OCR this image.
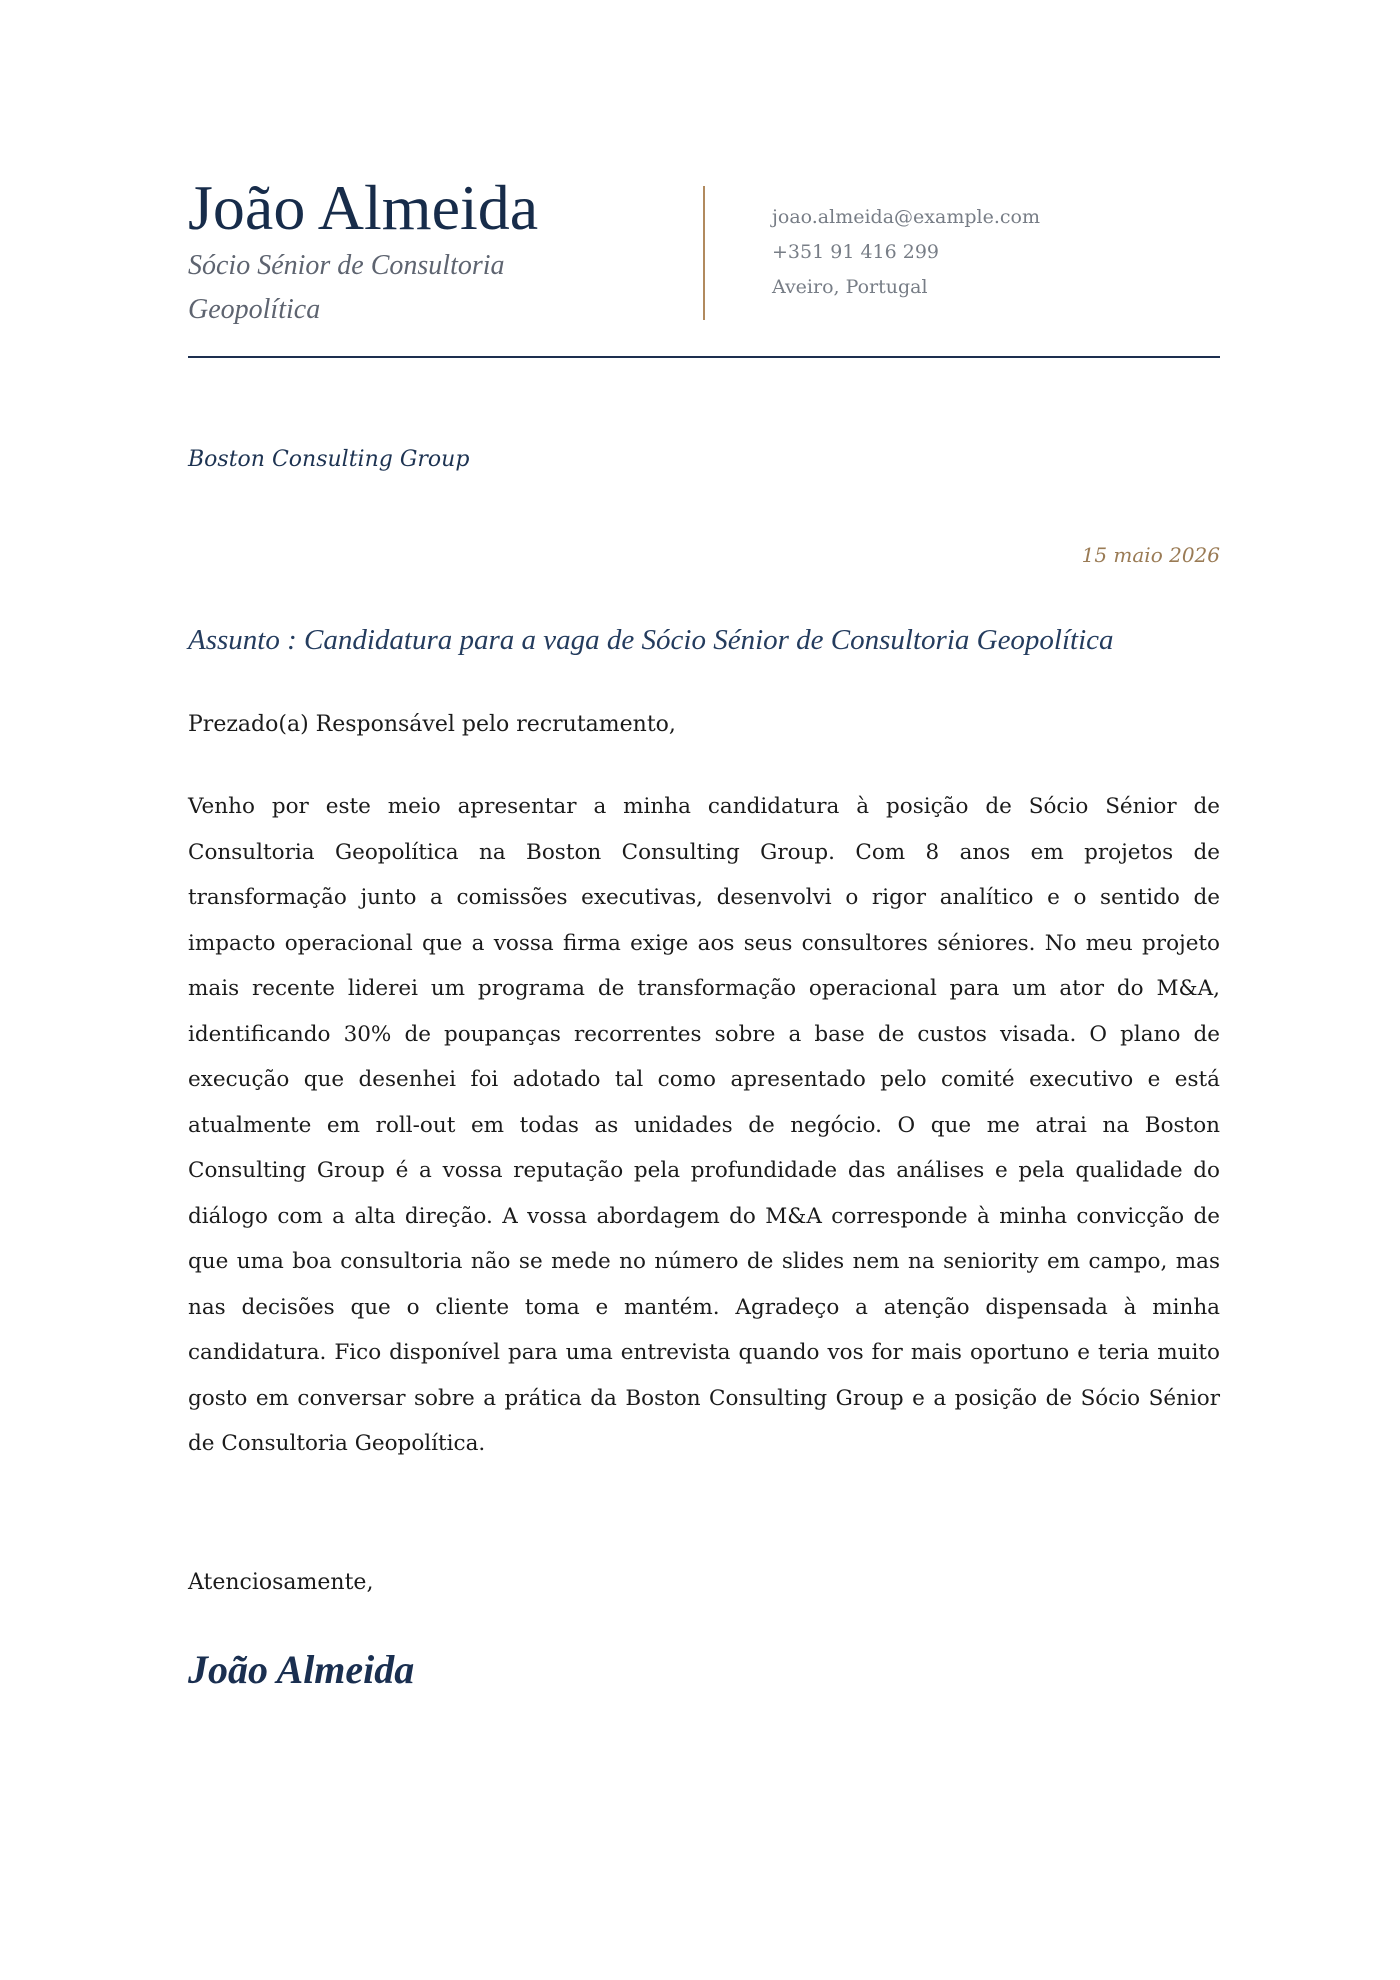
João Almeida
Sócio Sénior de Consultoria Geopolítica
joao.almeida@example.com
+351 91 416 299
Aveiro, Portugal
Boston Consulting Group
15 maio 2026
Assunto : Candidatura para a vaga de Sócio Sénior de Consultoria Geopolítica
Prezado(a) Responsável pelo recrutamento,
Venho por este meio apresentar a minha candidatura à posição de Sócio Sénior de Consultoria Geopolítica na Boston Consulting Group. Com 8 anos em projetos de transformação junto a comissões executivas, desenvolvi o rigor analítico e o sentido de impacto operacional que a vossa firma exige aos seus consultores séniores. No meu projeto mais recente liderei um programa de transformação operacional para um ator do M&A, identificando 30% de poupanças recorrentes sobre a base de custos visada. O plano de execução que desenhei foi adotado tal como apresentado pelo comité executivo e está atualmente em roll-out em todas as unidades de negócio. O que me atrai na Boston Consulting Group é a vossa reputação pela profundidade das análises e pela qualidade do diálogo com a alta direção. A vossa abordagem do M&A corresponde à minha convicção de que uma boa consultoria não se mede no número de slides nem na seniority em campo, mas nas decisões que o cliente toma e mantém. Agradeço a atenção dispensada à minha candidatura. Fico disponível para uma entrevista quando vos for mais oportuno e teria muito gosto em conversar sobre a prática da Boston Consulting Group e a posição de Sócio Sénior de Consultoria Geopolítica.
Atenciosamente,
João Almeida
